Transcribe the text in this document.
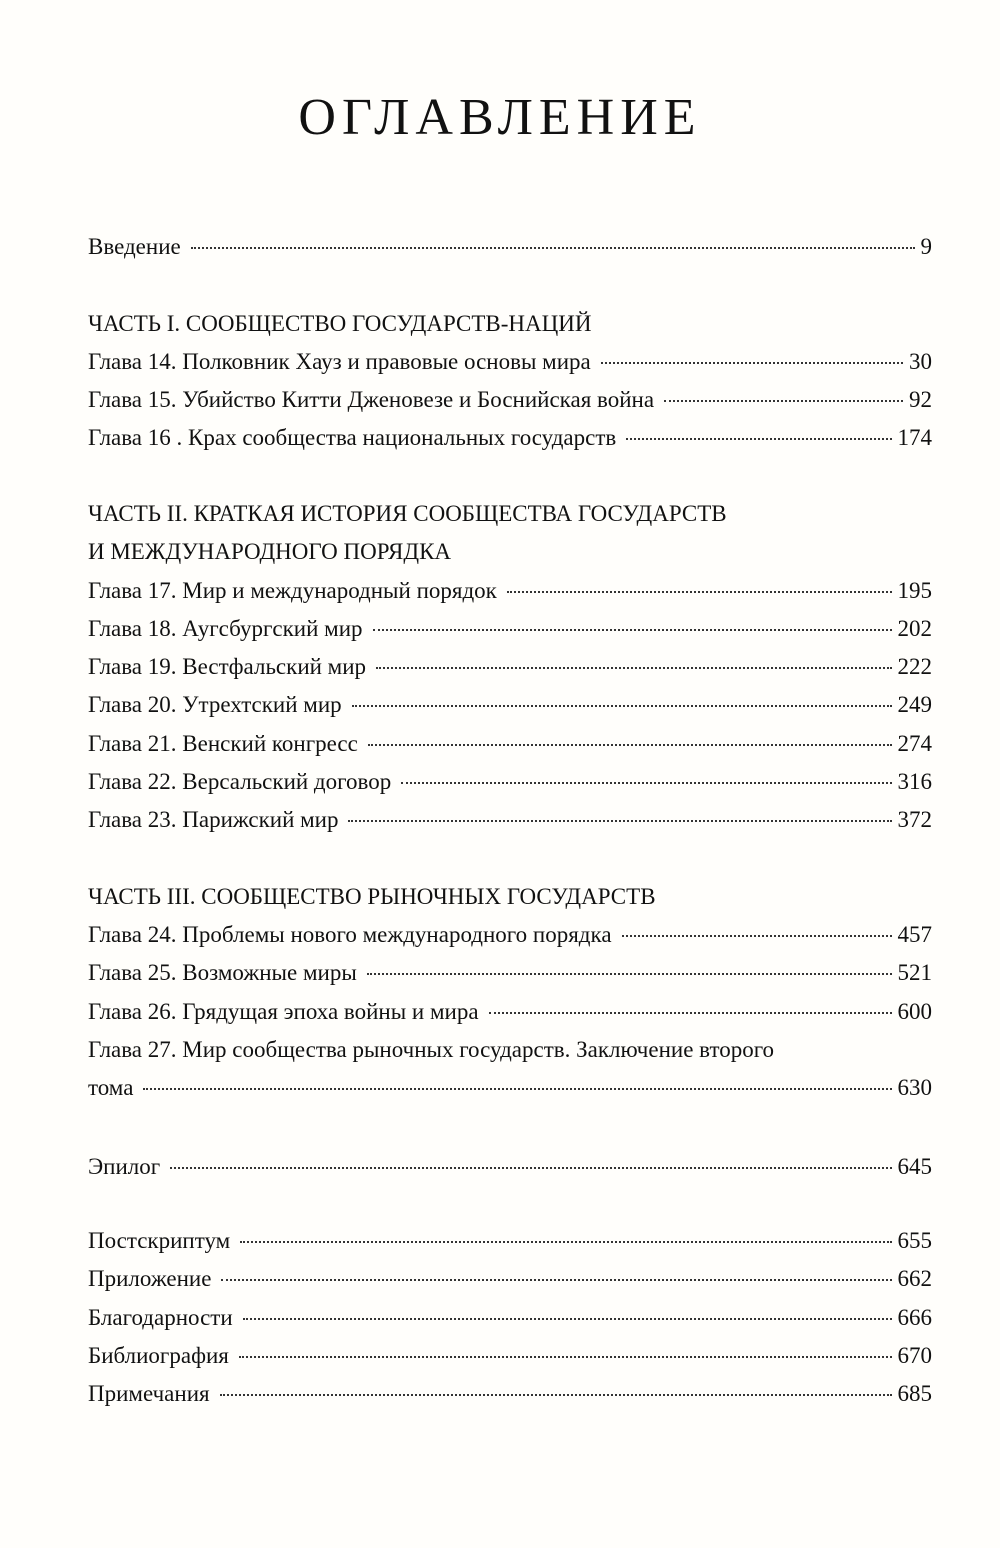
ОГЛАВЛЕНИЕ
Введение	9
ЧАСТЬ I. СООБЩЕСТВО ГОСУДАРСТВ-НАЦИЙ
Глава 14. Полковник Хауз и правовые основы мира	30
Глава 15. Убийство Китти Дженовезе и Боснийская война	92
Глава 16 . Крах сообщества национальных государств	174
ЧАСТЬ II. КРАТКАЯ ИСТОРИЯ СООБЩЕСТВА ГОСУДАРСТВ
И МЕЖДУНАРОДНОГО ПОРЯДКА
Глава 17. Мир и международный порядок	195
Глава 18. Аугсбургский мир	202
Глава 19. Вестфальский мир	222
Глава 20. Утрехтский мир	249
Глава 21. Венский конгресс	274
Глава 22. Версальский договор	316
Глава 23. Парижский мир	372
ЧАСТЬ III. СООБЩЕСТВО РЫНОЧНЫХ ГОСУДАРСТВ
Глава 24. Проблемы нового международного порядка	457
Глава 25. Возможные миры	521
Глава 26. Грядущая эпоха войны и мира	600
Глава 27. Мир сообщества рыночных государств. Заключение второго
тома	630
Эпилог	645
Постскриптум	655
Приложение	662
Благодарности	666
Библиография	670
Примечания	685
